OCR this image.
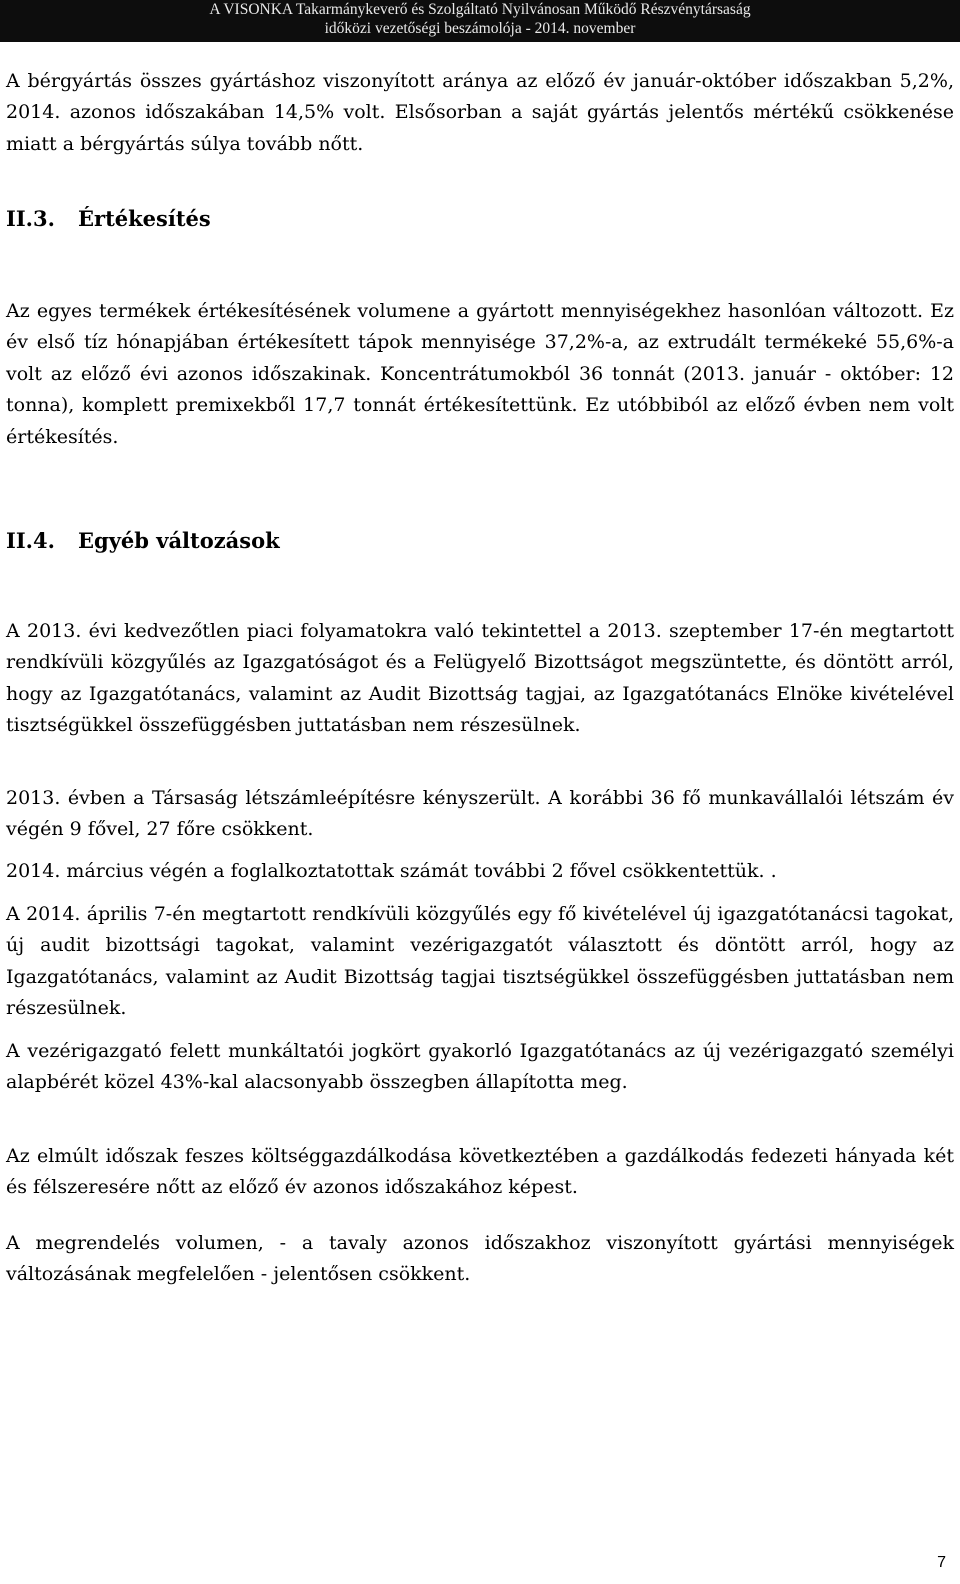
A VISONKA Takarmánykeverő és Szolgáltató Nyilvánosan Működő Részvénytársaság
időközi vezetőségi beszámolója - 2014. november

A bérgyártás összes gyártáshoz viszonyított aránya az előző év január-október időszakban 5,2%, 2014. azonos időszakában 14,5% volt. Elsősorban a saját gyártás jelentős mértékű csökkenése miatt a bérgyártás súlya tovább nőtt.

II.3. Értékesítés

Az egyes termékek értékesítésének volumene a gyártott mennyiségekhez hasonlóan változott. Ez év első tíz hónapjában értékesített tápok mennyisége 37,2%-a, az extrudált termékeké 55,6%-a volt az előző évi azonos időszakinak. Koncentrátumokból 36 tonnát (2013. január - október: 12 tonna), komplett premixekből 17,7 tonnát értékesítettünk. Ez utóbbiból az előző évben nem volt értékesítés.

II.4. Egyéb változások

A 2013. évi kedvezőtlen piaci folyamatokra való tekintettel a 2013. szeptember 17-én megtartott rendkívüli közgyűlés az Igazgatóságot és a Felügyelő Bizottságot megszüntette, és döntött arról, hogy az Igazgatótanács, valamint az Audit Bizottság tagjai, az Igazgatótanács Elnöke kivételével tisztségükkel összefüggésben juttatásban nem részesülnek.

2013. évben a Társaság létszámleépítésre kényszerült. A korábbi 36 fő munkavállalói létszám év végén 9 fővel, 27 főre csökkent.

2014. március végén a foglalkoztatottak számát további 2 fővel csökkentettük. .

A 2014. április 7-én megtartott rendkívüli közgyűlés egy fő kivételével új igazgatótanácsi tagokat, új audit bizottsági tagokat, valamint vezérigazgatót választott és döntött arról, hogy az Igazgatótanács, valamint az Audit Bizottság tagjai tisztségükkel összefüggésben juttatásban nem részesülnek.

A vezérigazgató felett munkáltatói jogkört gyakorló Igazgatótanács az új vezérigazgató személyi alapbérét közel 43%-kal alacsonyabb összegben állapította meg.

Az elmúlt időszak feszes költséggazdálkodása következtében a gazdálkodás fedezeti hányada két és félszeresére nőtt az előző év azonos időszakához képest.

A megrendelés volumen, - a tavaly azonos időszakhoz viszonyított gyártási mennyiségek változásának megfelelően - jelentősen csökkent.

7
